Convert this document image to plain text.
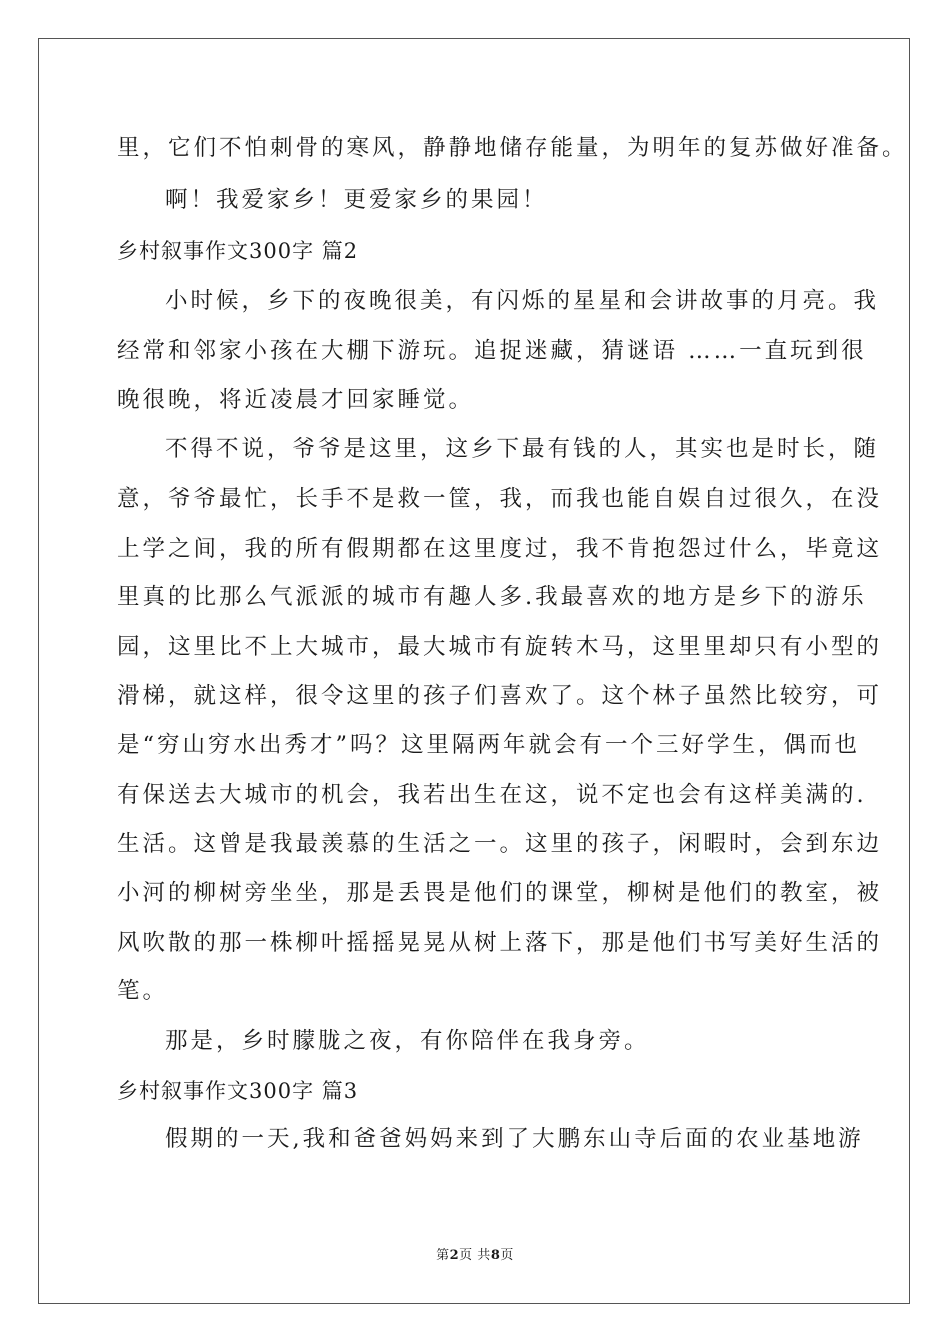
里，它们不怕刺骨的寒风，静静地储存能量，为明年的复苏做好准备。
啊！我爱家乡！更爱家乡的果园！
乡村叙事作文300字 篇2
小时候，乡下的夜晚很美，有闪烁的星星和会讲故事的月亮。我
经常和邻家小孩在大棚下游玩。追捉迷藏，猜谜语 ……一直玩到很
晚很晚，将近凌晨才回家睡觉。
不得不说，爷爷是这里，这乡下最有钱的人，其实也是时长，随
意，爷爷最忙，长手不是救一筐，我，而我也能自娱自过很久，在没
上学之间，我的所有假期都在这里度过，我不肯抱怨过什么，毕竟这
里真的比那么气派派的城市有趣人多.我最喜欢的地方是乡下的游乐
园，这里比不上大城市，最大城市有旋转木马，这里里却只有小型的
滑梯，就这样，很令这里的孩子们喜欢了。这个林子虽然比较穷，可
是“穷山穷水出秀才”吗？这里隔两年就会有一个三好学生，偶而也
有保送去大城市的机会，我若出生在这，说不定也会有这样美满的.
生活。这曾是我最羡慕的生活之一。这里的孩子，闲暇时，会到东边
小河的柳树旁坐坐，那是丢畏是他们的课堂，柳树是他们的教室，被
风吹散的那一株柳叶摇摇晃晃从树上落下，那是他们书写美好生活的
笔。
那是，乡时朦胧之夜，有你陪伴在我身旁。
乡村叙事作文300字 篇3
假期的一天,我和爸爸妈妈来到了大鹏东山寺后面的农业基地游
第2页 共8页
